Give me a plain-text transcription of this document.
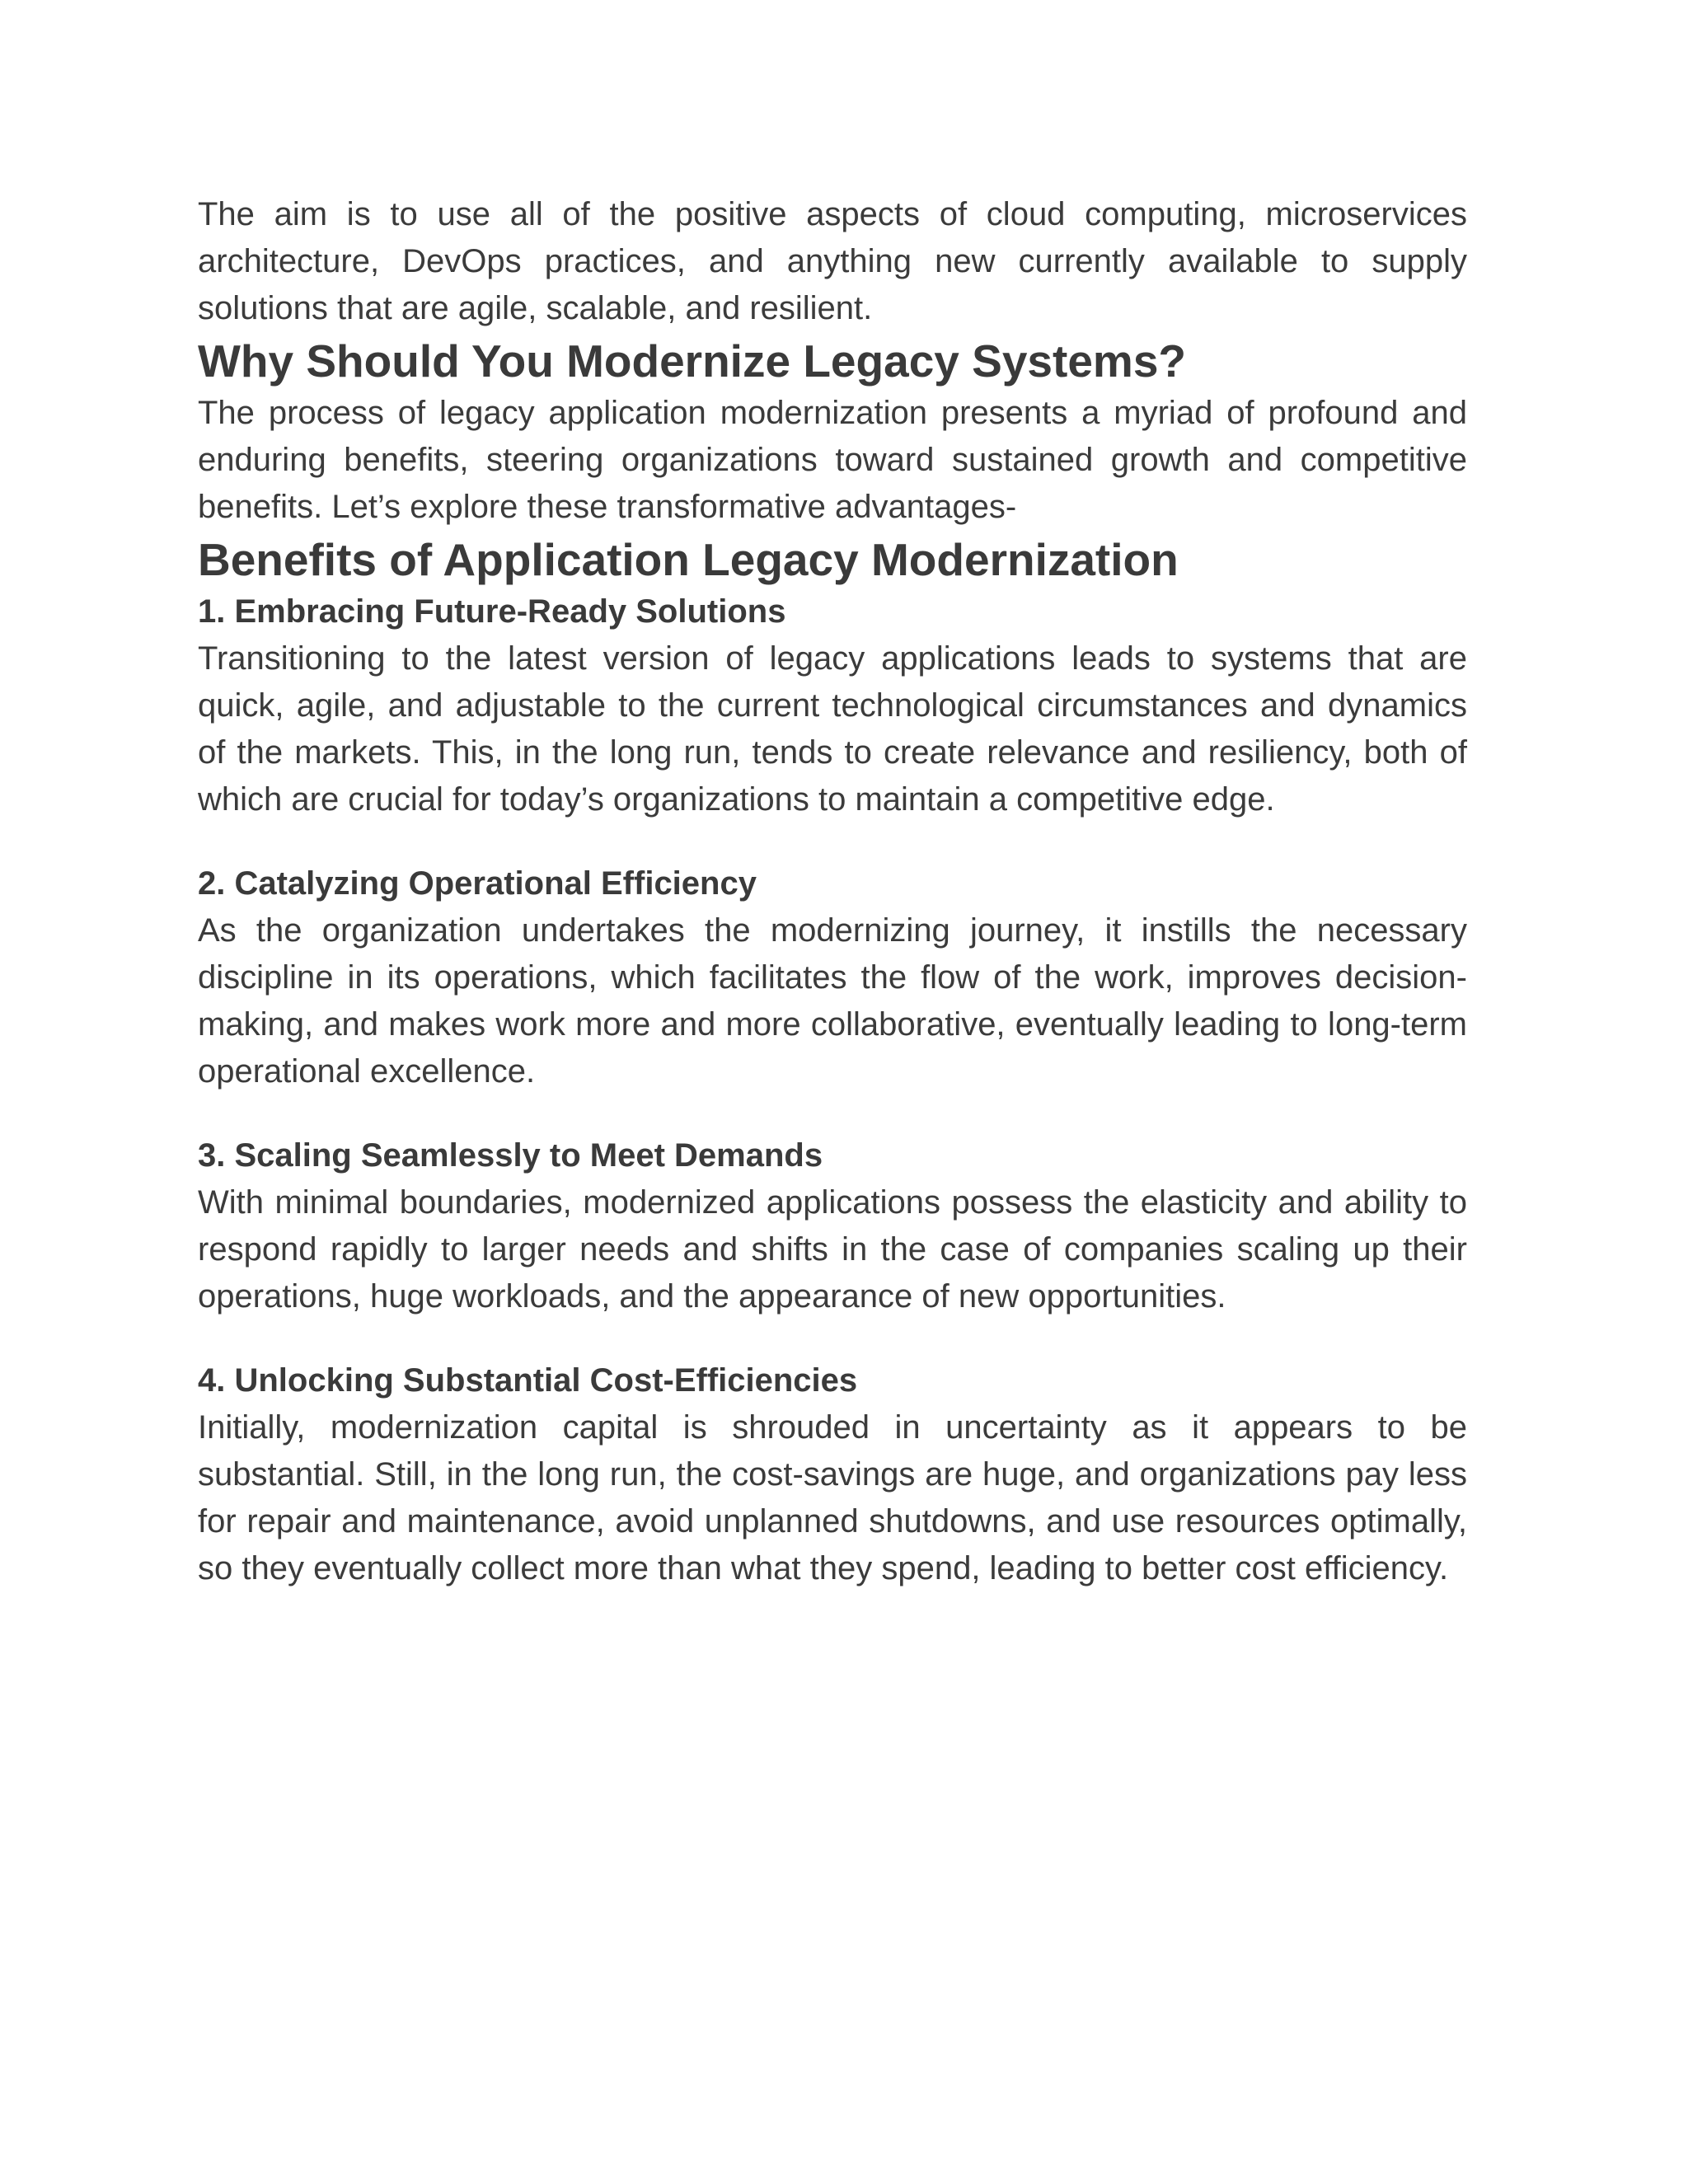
The aim is to use all of the positive aspects of cloud computing, microservices architecture, DevOps practices, and anything new currently available to supply solutions that are agile, scalable, and resilient.

Why Should You Modernize Legacy Systems?

The process of legacy application modernization presents a myriad of profound and enduring benefits, steering organizations toward sustained growth and competitive benefits. Let’s explore these transformative advantages-

Benefits of Application Legacy Modernization
1. Embracing Future-Ready Solutions

Transitioning to the latest version of legacy applications leads to systems that are quick, agile, and adjustable to the current technological circumstances and dynamics of the markets. This, in the long run, tends to create relevance and resiliency, both of which are crucial for today’s organizations to maintain a competitive edge.

2. Catalyzing Operational Efficiency

As the organization undertakes the modernizing journey, it instills the necessary discipline in its operations, which facilitates the flow of the work, improves decision-making, and makes work more and more collaborative, eventually leading to long-term operational excellence.

3. Scaling Seamlessly to Meet Demands

With minimal boundaries, modernized applications possess the elasticity and ability to respond rapidly to larger needs and shifts in the case of companies scaling up their operations, huge workloads, and the appearance of new opportunities.

4. Unlocking Substantial Cost-Efficiencies

Initially, modernization capital is shrouded in uncertainty as it appears to be substantial. Still, in the long run, the cost-savings are huge, and organizations pay less for repair and maintenance, avoid unplanned shutdowns, and use resources optimally, so they eventually collect more than what they spend, leading to better cost efficiency.
